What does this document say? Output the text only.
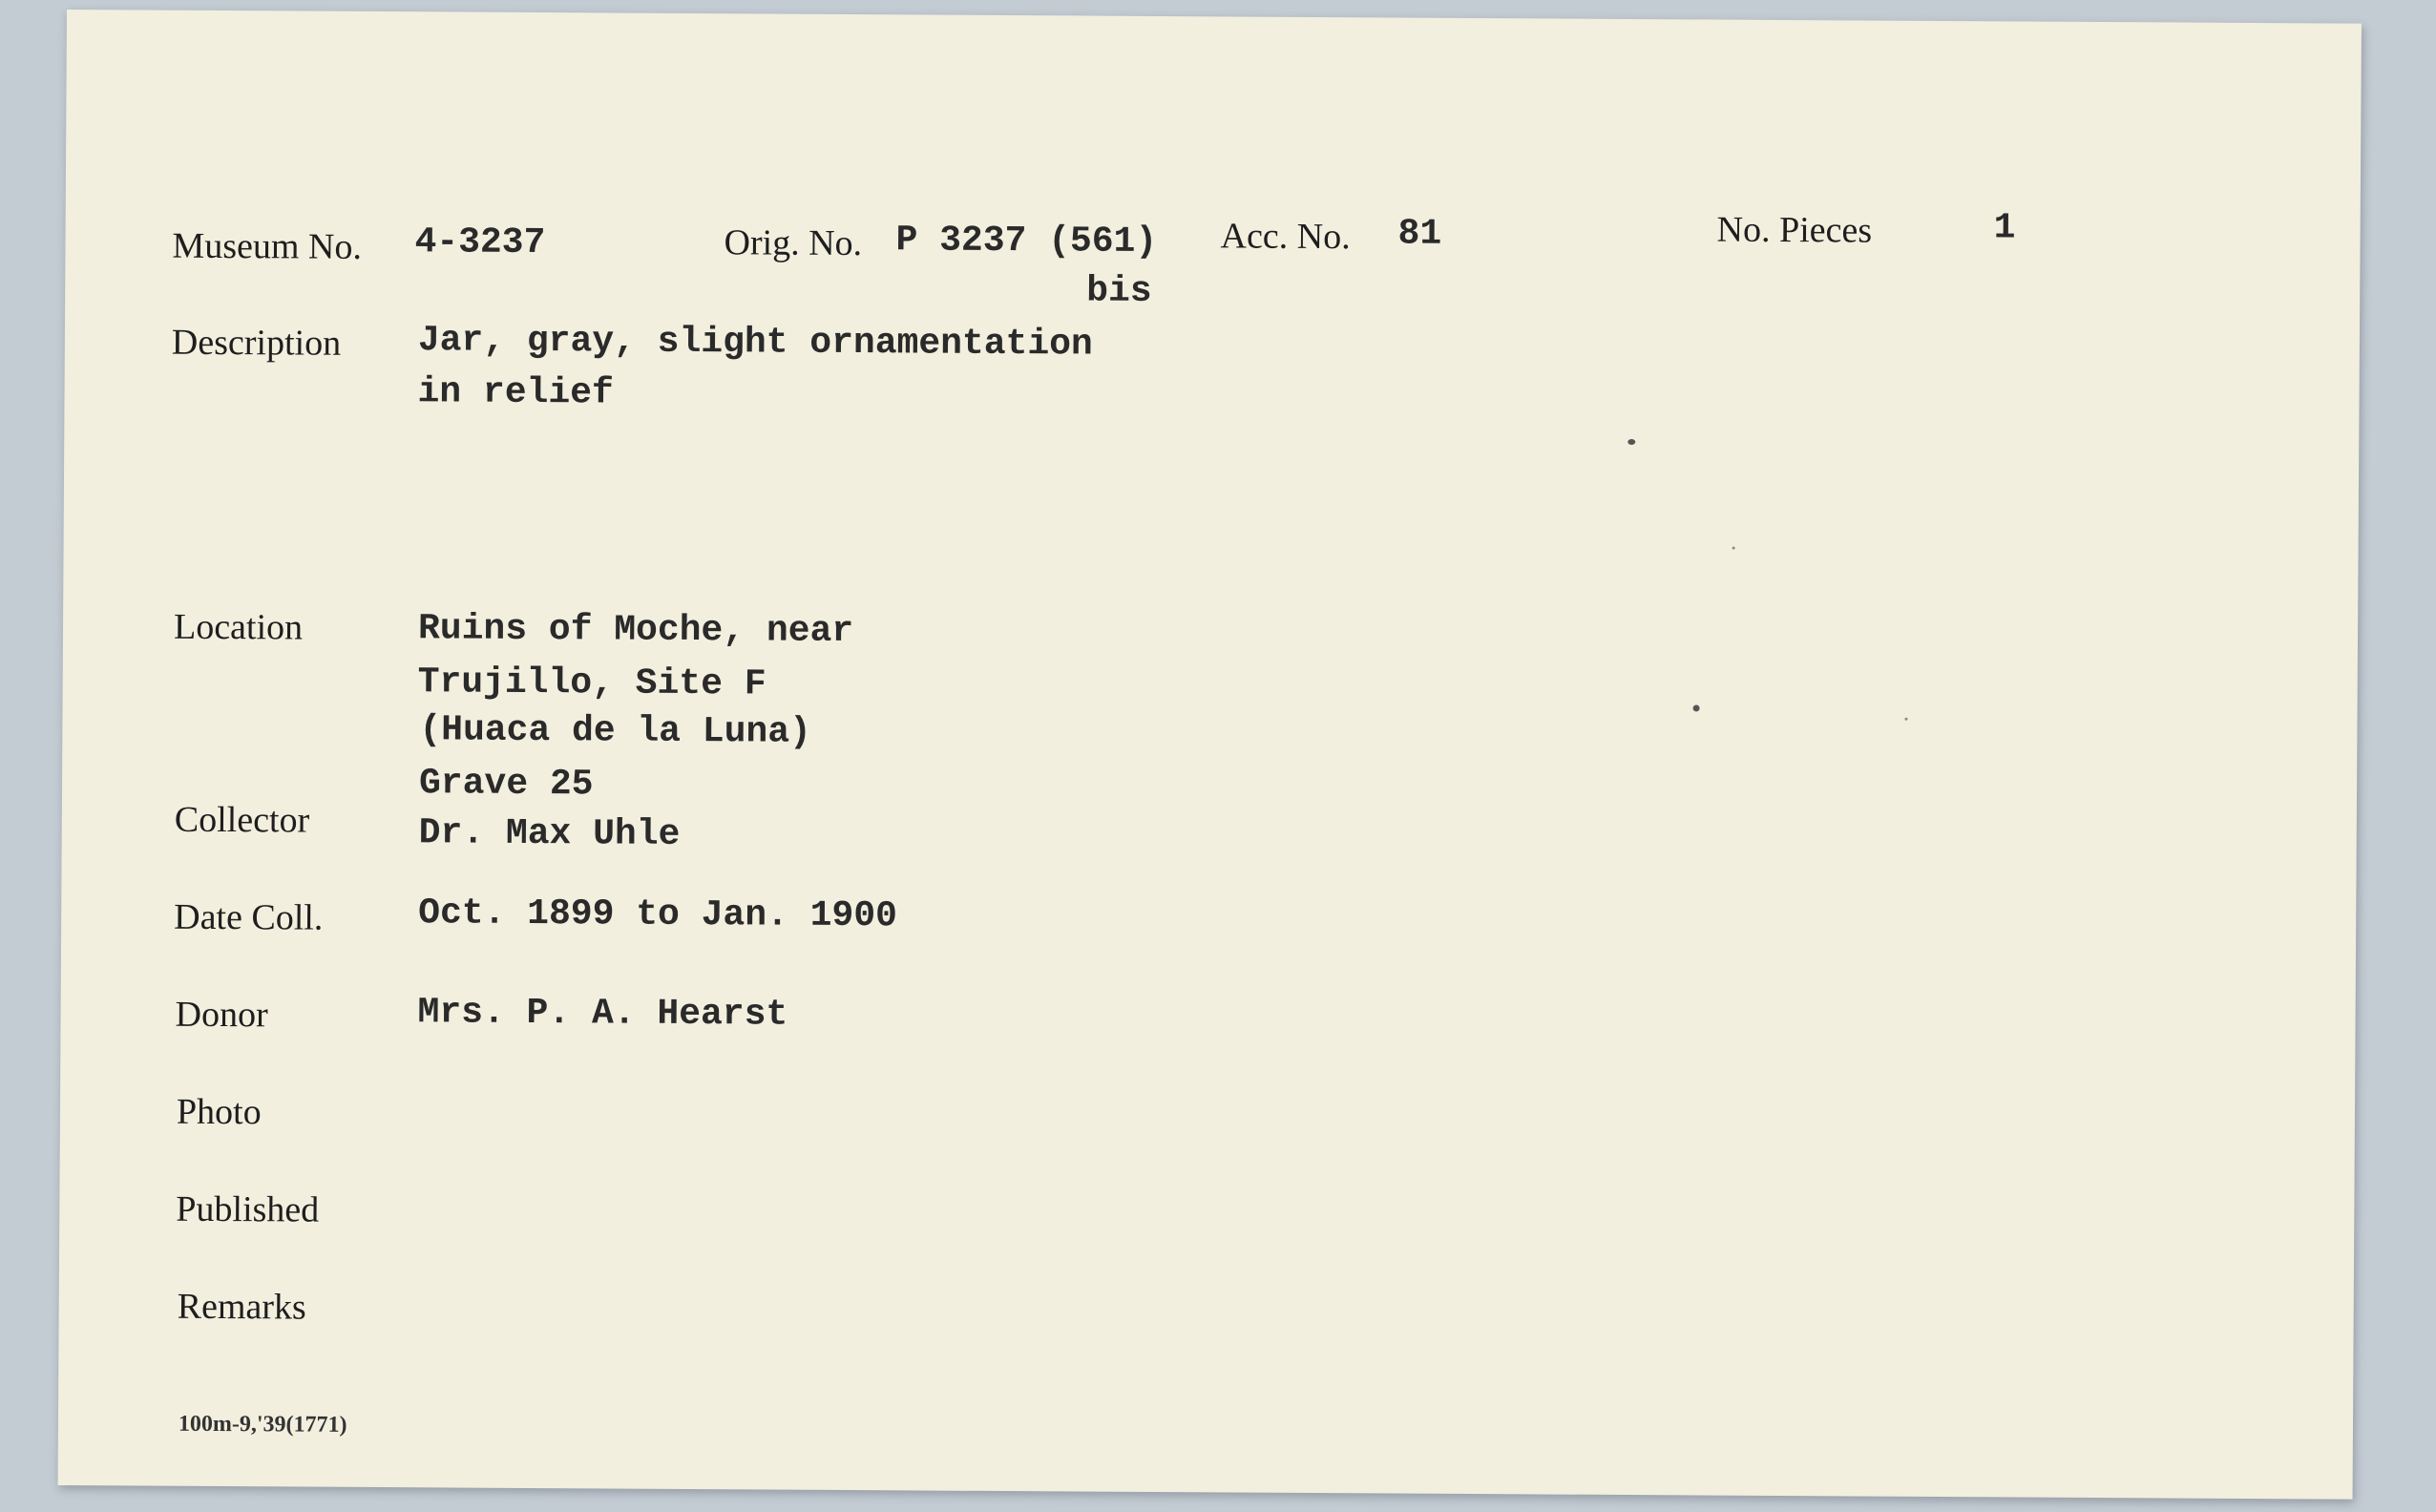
Museum No. 4-3237	Orig. No. P 3237 (561)
bis
Acc. No. 81	No. Pieces	1
Description Jar, gray, slight ornamentation
in relief
Location	Ruins of Moche, near
Trujillo, Site F
(Huaca de la Luna)
Grave 25
Collector	Dr. Max Uhle
Date Coll.	Oct. 1899 to Jan. 1900
Donor	Mrs. P. A. Hearst
Photo
Published
Remarks
100m-9,'39(1771)
